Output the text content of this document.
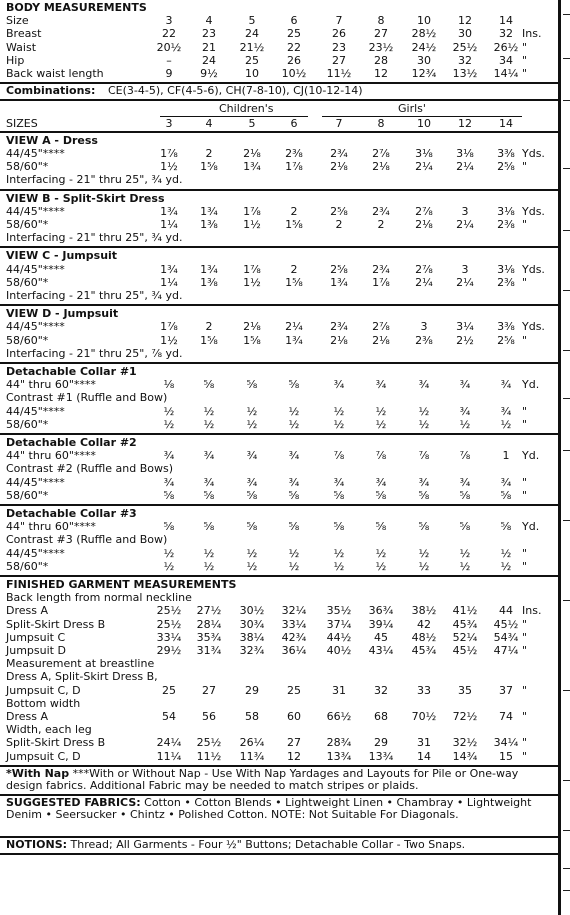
BODY MEASUREMENTS
Size	3	4	5	6	7	8	10	12	14
Breast	22	23	24	25	26	27	28½	30	32 Ins.
Waist	20½	21	21½	22	23	23½	24½	25½	26½ "
Hip	–	24	25	26	27	28	30	32	34 "
Back waist length	9	9½	10	10½	11½	12	12¾	13½	14¼ "
Combinations: CE(3-4-5), CF(4-5-6), CH(7-8-10), CJ(10-12-14)
Children's	Girls'
SIZES	3	4	5	6	7	8	10	12	14
VIEW A - Dress
44/45"****	1⅞	2	2⅛	2⅜	2¾	2⅞	3⅛	3⅛	3⅜ Yds.
58/60"*	1½	1⅝	1¾	1⅞	2⅛	2⅛	2¼	2¼	2⅝ "
Interfacing - 21" thru 25", ¾ yd.
VIEW B - Split-Skirt Dress
44/45"****	1¾	1¾	1⅞	2	2⅝	2¾	2⅞	3	3⅛ Yds.
58/60"*	1¼	1⅜	1½	1⅝	2	2	2⅛	2¼	2⅜ "
Interfacing - 21" thru 25", ¾ yd.
VIEW C - Jumpsuit
44/45"****	1¾	1¾	1⅞	2	2⅝	2¾	2⅞	3	3⅛ Yds.
58/60"*	1¼	1⅜	1½	1⅝	1¾	1⅞	2¼	2¼	2⅜ "
Interfacing - 21" thru 25", ¾ yd.
VIEW D - Jumpsuit
44/45"****	1⅞	2	2⅛	2¼	2¾	2⅞	3	3¼	3⅜ Yds.
58/60"*	1½	1⅝	1⅝	1¾	2⅛	2⅛	2⅜	2½	2⅝ "
Interfacing - 21" thru 25", ⅞ yd.
Detachable Collar #1
44" thru 60"****	⅛	⅝	⅝	⅝	¾	¾	¾	¾	¾ Yd.
Contrast #1 (Ruffle and Bow)
44/45"****	½	½	½	½	½	½	½	¾	¾ "
58/60"*	½	½	½	½	½	½	½	½	½ "
Detachable Collar #2
44" thru 60"****	¾	¾	¾	¾	⅞	⅞	⅞	⅞	1	Yd.
Contrast #2 (Ruffle and Bows)
44/45"****	¾	¾	¾	¾	¾	¾	¾	¾	¾ "
58/60"*	⅝	⅝	⅝	⅝	⅝	⅝	⅝	⅝	⅝ "
Detachable Collar #3
44" thru 60"****	⅝	⅝	⅝	⅝	⅝	⅝	⅝	⅝	⅝ Yd.
Contrast #3 (Ruffle and Bow)
44/45"****	½	½	½	½	½	½	½	½	½ "
58/60"*	½	½	½	½	½	½	½	½	½ "
FINISHED GARMENT MEASUREMENTS
Back length from normal neckline
Dress A	25½	27½	30½	32¼	35½	36¾	38½	41½	44 Ins.
Split-Skirt Dress B	25½	28¼	30¾	33¼	37¼	39¼	42	45¾	45½ "
Jumpsuit C	33¼	35¾	38¼	42¾	44½	45	48½	52¼	54¾ "
Jumpsuit D	29½	31¾	32¾	36¼	40½	43¼	45¾	45½	47¼ "
Measurement at breastline
Dress A, Split-Skirt Dress B,
Jumpsuit C, D	25	27	29	25	31	32	33	35	37 "
Bottom width
Dress A	54	56	58	60	66½	68	70½	72½	74 "
Width, each leg
Split-Skirt Dress B	24¼	25½	26¼	27	28¾	29	31	32½	34¼ "
Jumpsuit C, D	11¼	11½	11¾	12	13¾	13¾	14	14¾	15 "
*With Nap ***With or Without Nap - Use With Nap Yardages and Layouts for Pile or One-way design fabrics. Additional Fabric may be needed to match stripes or plaids.
SUGGESTED FABRICS: Cotton • Cotton Blends • Lightweight Linen • Chambray • Lightweight Denim • Seersucker • Chintz • Polished Cotton. NOTE: Not Suitable For Diagonals.
NOTIONS: Thread; All Garments - Four ½" Buttons; Detachable Collar - Two Snaps.
